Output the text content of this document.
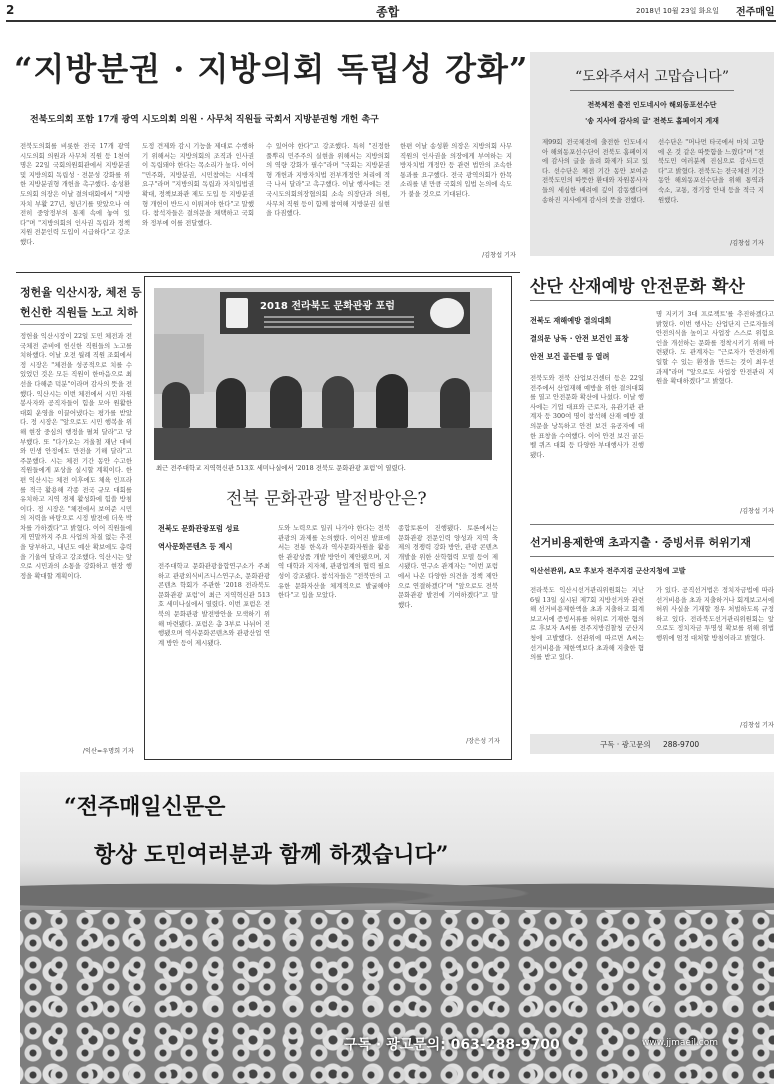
2	종합	2018년 10월 23일 화요일 전주매일
“지방분권 · 지방의회 독립성 강화”
전북도의회 포함 17개 광역 시도의회 의원 · 사무처 직원들 국회서 지방분권형 개헌 촉구
전북도의회를 비롯한 전국 17개 광역 시도의회 의원과 사무처 직원 등 1천여 명은 22일 국회의원회관에서 지방분권 및 지방의회 독립성 · 전문성 강화를 위한 지방분권형 개헌을 촉구했다. 송성환 도의회 의장은 이날 결의대회에서 "지방자치 부활 27년, 청년기를 맞았으나 여전히 중앙정부의 통제 속에 놓여 있다"며 "지방의회의 인사권 독립과 정책지원 전문인력 도입이 시급하다"고 강조했다.
도정 견제와 감시 기능을 제대로 수행하기 위해서는 지방의회의 조직과 인사권이 독립돼야 한다는 목소리가 높다. 이어 "민주화, 지방분권, 시민참여는 시대적 요구"라며 "지방의회 독립과 자치입법권 확대, 정책보좌관 제도 도입 등 지방분권형 개헌이 반드시 이뤄져야 한다"고 말했다. 참석자들은 결의문을 채택하고 국회와 정부에 이를 전달했다.
수 있어야 한다"고 강조했다. 특히 "진정한 풀뿌리 민주주의 실현을 위해서는 지방의회의 역량 강화가 필수"라며 "국회는 지방분권형 개헌과 지방자치법 전부개정안 처리에 적극 나서 달라"고 촉구했다. 이날 행사에는 전국시도의회의장협의회 소속 의장단과 의원, 사무처 직원 등이 함께 참여해 지방분권 실현을 다짐했다.
한편 이날 송성환 의장은 지방의회 사무직원의 인사권을 의장에게 부여하는 지방자치법 개정안 등 관련 법안의 조속한 통과를 요구했다. 전국 광역의회가 한목소리를 낸 만큼 국회의 입법 논의에 속도가 붙을 것으로 기대된다.
/김창섭 기자
“도와주셔서 고맙습니다”
전북체전 출전 인도네시아 해외동포선수단
'송 지사에 감사의 글' 전북도 홈페이지 게재
제99회 전국체전에 출전한 인도네시아 해외동포선수단이 전북도 홈페이지에 감사의 글을 올려 화제가 되고 있다. 선수단은 체전 기간 동안 보여준 전북도민의 따뜻한 환대와 자원봉사자들의 세심한 배려에 깊이 감동했다며 송하진 지사에게 감사의 뜻을 전했다.
선수단은 "머나먼 타국에서 마치 고향에 온 것 같은 따뜻함을 느꼈다"며 "전북도민 여러분께 진심으로 감사드린다"고 밝혔다. 전북도는 전국체전 기간 동안 해외동포선수단을 위해 통역과 숙소, 교통, 경기장 안내 등을 적극 지원했다.
/김창섭 기자
정헌율 익산시장, 체전 등
헌신한 직원들 노고 치하
정헌율 익산시장이 22일 도민 체전과 전국체전 준비에 헌신한 직원들의 노고를 치하했다. 이날 오전 월례 직원 조회에서 정 시장은 "체전을 성공적으로 치를 수 있었던 것은 모든 직원이 한마음으로 최선을 다해준 덕분"이라며 감사의 뜻을 전했다. 익산시는 이번 체전에서 시민 자원봉사자와 공직자들이 힘을 모아 원활한 대회 운영을 이끌어냈다는 평가를 받았다. 정 시장은 "앞으로도 시민 행복을 위해 현장 중심의 행정을 펼쳐 달라"고 당부했다. 또 "다가오는 겨울철 재난 대비와 민생 안정에도 만전을 기해 달라"고 주문했다. 시는 체전 기간 동안 수고한 직원들에게 포상을 실시할 계획이다. 한편 익산시는 체전 이후에도 체육 인프라를 적극 활용해 각종 전국 규모 대회를 유치하고 지역 경제 활성화에 힘쓸 방침이다. 정 시장은 "체전에서 보여준 시민의 저력을 바탕으로 시정 발전에 더욱 박차를 가하겠다"고 밝혔다. 이어 직원들에게 연말까지 주요 사업의 차질 없는 추진을 당부하고, 내년도 예산 확보에도 총력을 기울여 달라고 강조했다. 익산시는 앞으로 시민과의 소통을 강화하고 현장 행정을 확대할 계획이다.
/익산=우명희 기자
2018 전라북도 문화관광 포럼
최근 전주대학교 지역혁신관 513호 세미나실에서 '2018 전북도 문화관광 포럼'이 열렸다.
전북 문화관광 발전방안은?
전북도 문화관광포럼 성료
역사문화콘텐츠 등 제시
전주대학교 문화관광융합연구소가 주최하고 관광외식비즈니스연구소, 문화관광콘텐츠 학회가 주관한 '2018 전라북도 문화관광 포럼'이 최근 지역혁신관 513호 세미나실에서 열렸다. 이번 포럼은 전북의 문화관광 발전방안을 모색하기 위해 마련됐다. 포럼은 총 3부로 나뉘어 진행됐으며 역사문화콘텐츠와 관광산업 연계 방안 등이 제시됐다.
도와 노력으로 일궈 나가야 한다는 전북관광의 과제를 논의했다. 이어진 발표에서는 전통 한옥과 역사문화자원을 활용한 관광상품 개발 방안이 제안됐으며, 지역 대학과 지자체, 관광업계의 협력 필요성이 강조됐다. 참석자들은 "전북만의 고유한 문화자산을 체계적으로 발굴해야 한다"고 입을 모았다.
종합토론이 진행됐다. 토론에서는 문화관광 전문인력 양성과 지역 축제의 경쟁력 강화 방안, 관광 콘텐츠 개발을 위한 산학협력 모델 등이 제시됐다. 연구소 관계자는 "이번 포럼에서 나온 다양한 의견을 정책 제안으로 연결하겠다"며 "앞으로도 전북 문화관광 발전에 기여하겠다"고 말했다.
/장은성 기자
산단 산재예방 안전문화 확산
전북도 재해예방 결의대회
결의문 낭독 · 안전 보건인 표창
안전 보건 골든벨 등 열려
전북도와 전북 산업보건센터 등은 22일 전주에서 산업재해 예방을 위한 결의대회를 열고 안전문화 확산에 나섰다. 이날 행사에는 기업 대표와 근로자, 유관기관 관계자 등 300여 명이 참석해 산재 예방 결의문을 낭독하고 안전 보건 유공자에 대한 표창을 수여했다. 이어 안전 보건 골든벨 퀴즈 대회 등 다양한 부대행사가 진행됐다.
명 지키기 3대 프로젝트'를 추진하겠다고 밝혔다. 이번 행사는 산업단지 근로자들의 안전의식을 높이고 사업장 스스로 위험요인을 개선하는 문화를 정착시키기 위해 마련됐다. 도 관계자는 "근로자가 안전하게 일할 수 있는 환경을 만드는 것이 최우선 과제"라며 "앞으로도 사업장 안전관리 지원을 확대하겠다"고 밝혔다.
/김창섭 기자
선거비용제한액 초과지출 · 증빙서류 허위기재
익산선관위, A모 후보자 전주지검 군산지청에 고발
전라북도 익산시선거관리위원회는 지난 6월 13일 실시된 제7회 지방선거와 관련해 선거비용제한액을 초과 지출하고 회계보고서에 증빙서류를 허위로 기재한 혐의로 후보자 A씨를 전주지방검찰청 군산지청에 고발했다. 선관위에 따르면 A씨는 선거비용을 제한액보다 초과해 지출한 혐의를 받고 있다.
가 있다. 공직선거법은 정치자금법에 따라 선거비용을 초과 지출하거나 회계보고서에 허위 사실을 기재할 경우 처벌하도록 규정하고 있다. 전라북도선거관리위원회는 앞으로도 정치자금 투명성 확보를 위해 위법행위에 엄정 대처할 방침이라고 밝혔다.
/김창섭 기자
구독 · 광고문의 288-9700
“전주매일신문은
항상 도민여러분과 함께 하겠습니다”
구독 · 광고문의: 063-288-9700	www.jjmaeil.com
